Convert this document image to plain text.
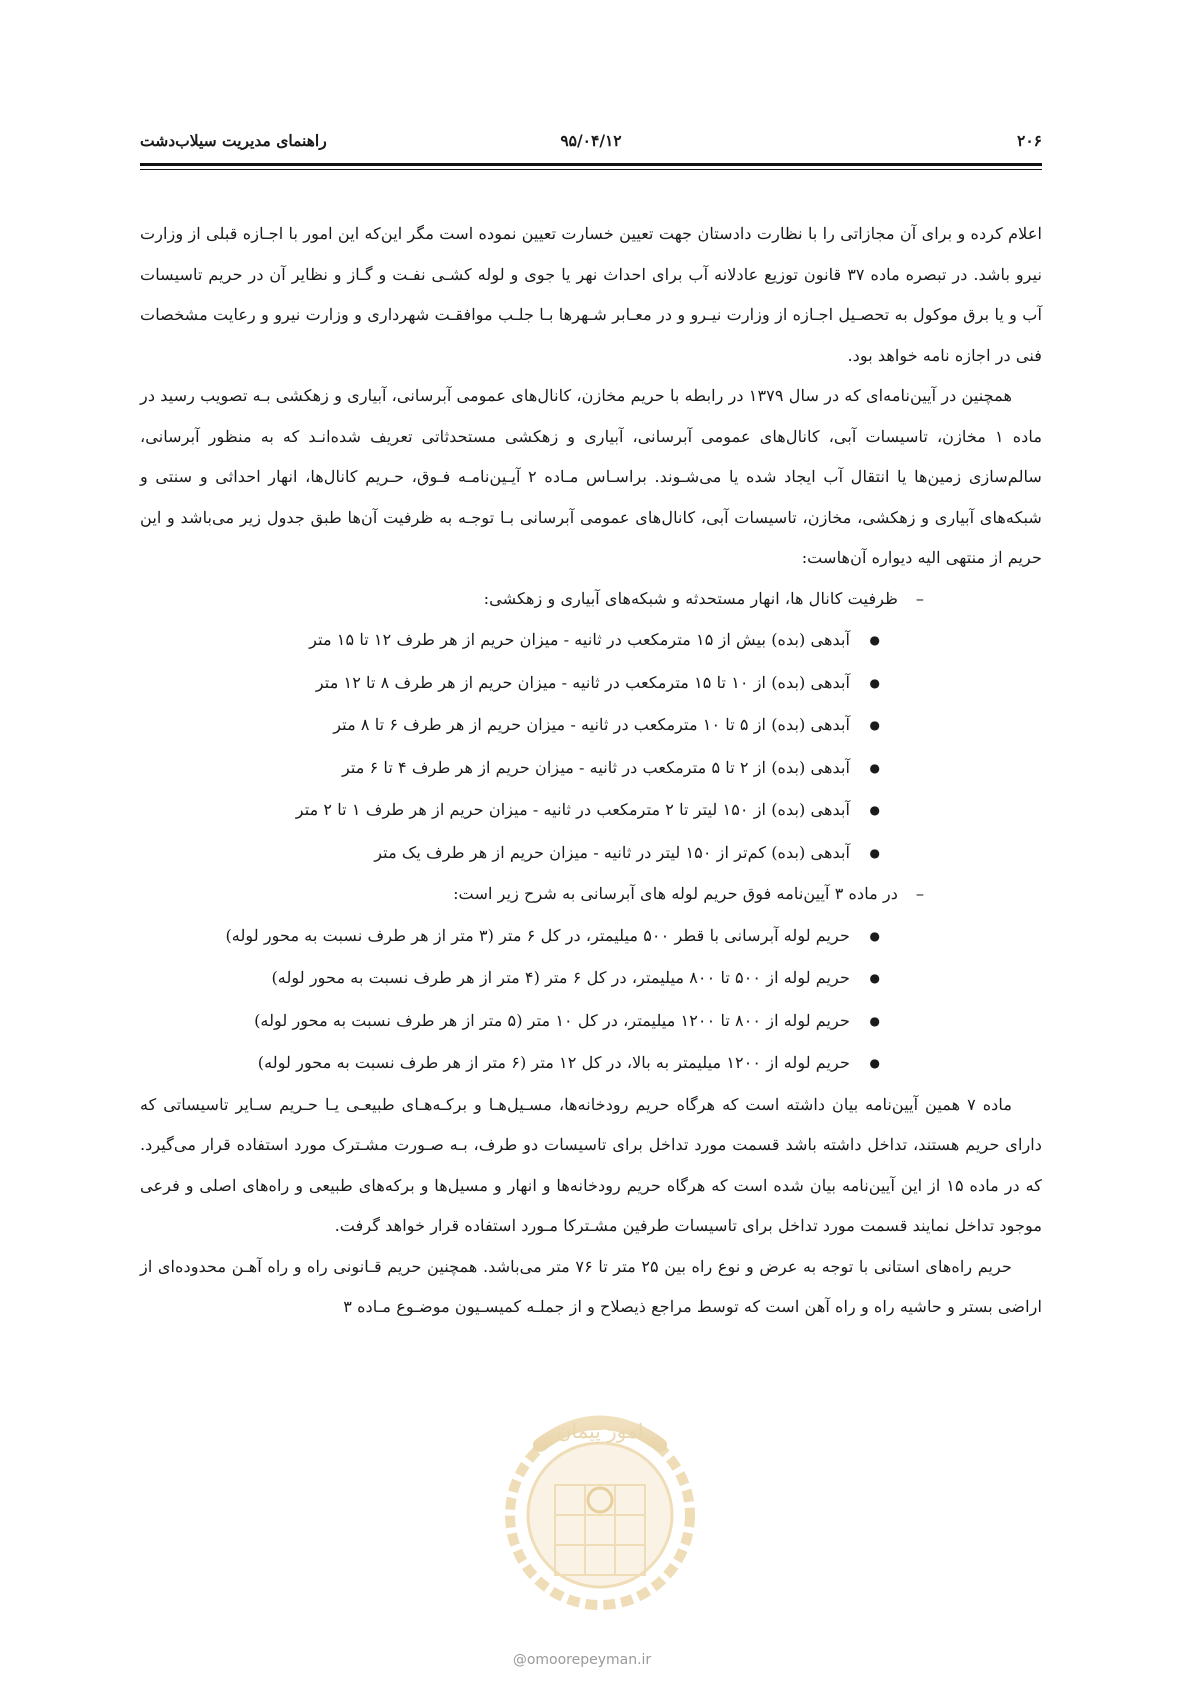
۲۰۶
۹۵/۰۴/۱۲
راهنمای مدیریت سیلاب‌دشت

اعلام کرده و برای آن مجازاتی را با نظارت دادستان جهت تعیین خسارت تعیین نموده است مگر این‌که این امور با اجـازه قبلی از وزارت نیرو باشد. در تبصره ماده ۳۷ قانون توزیع عادلانه آب برای احداث نهر یا جوی و لوله کشـی نفـت و گـاز و نظایر آن در حریم تاسیسات آب و یا برق موکول به تحصـیل اجـازه از وزارت نیـرو و در معـابر شـهرها بـا جلـب موافقـت شهرداری و وزارت نیرو و رعایت مشخصات فنی در اجازه نامه خواهد بود.

همچنین در آیین‌نامه‌ای که در سال ۱۳۷۹ در رابطه با حریم مخازن، کانال‌های عمومی آبرسانی، آبیاری و زهکشی بـه تصویب رسید در ماده ۱ مخازن، تاسیسات آبی، کانال‌های عمومی آبرسانی، آبیاری و زهکشی مستحدثاتی تعریف شده‌انـد که به منظور آبرسانی، سالم‌سازی زمین‌ها یا انتقال آب ایجاد شده یا می‌شـوند. براسـاس مـاده ۲ آیـین‌نامـه فـوق، حـریم کانال‌ها، انهار احداثی و سنتی و شبکه‌های آبیاری و زهکشی، مخازن، تاسیسات آبی، کانال‌های عمومی آبرسانی بـا توجـه به ظرفیت آن‌ها طبق جدول زیر می‌باشد و این حریم از منتهی الیه دیواره آن‌هاست:

–
ظرفیت کانال ها، انهار مستحدثه و شبکه‌های آبیاری و زهکشی:
●
آبدهی (بده) بیش از ۱۵ مترمکعب در ثانیه - میزان حریم از هر طرف ۱۲ تا ۱۵ متر
●
آبدهی (بده) از ۱۰ تا ۱۵ مترمکعب در ثانیه - میزان حریم از هر طرف ۸ تا ۱۲ متر
●
آبدهی (بده) از ۵ تا ۱۰ مترمکعب در ثانیه - میزان حریم از هر طرف ۶ تا ۸ متر
●
آبدهی (بده) از ۲ تا ۵ مترمکعب در ثانیه - میزان حریم از هر طرف ۴ تا ۶ متر
●
آبدهی (بده) از ۱۵۰ لیتر تا ۲ مترمکعب در ثانیه - میزان حریم از هر طرف ۱ تا ۲ متر
●
آبدهی (بده) کم‌تر از ۱۵۰ لیتر در ثانیه - میزان حریم از هر طرف یک متر
–
در ماده ۳ آیین‌نامه فوق حریم لوله های آبرسانی به شرح زیر است:
●
حریم لوله آبرسانی با قطر ۵۰۰ میلیمتر، در کل ۶ متر (۳ متر از هر طرف نسبت به محور لوله)
●
حریم لوله از ۵۰۰ تا ۸۰۰ میلیمتر، در کل ۶ متر (۴ متر از هر طرف نسبت به محور لوله)
●
حریم لوله از ۸۰۰ تا ۱۲۰۰ میلیمتر، در کل ۱۰ متر (۵ متر از هر طرف نسبت به محور لوله)
●
حریم لوله از ۱۲۰۰ میلیمتر به بالا، در کل ۱۲ متر (۶ متر از هر طرف نسبت به محور لوله)

ماده ۷ همین آیین‌نامه بیان داشته است که هرگاه حریم رودخانه‌ها، مسـیل‌هـا و برکـه‌هـای طبیعـی یـا حـریم سـایر تاسیساتی که دارای حریم هستند، تداخل داشته باشد قسمت مورد تداخل برای تاسیسات دو طرف، بـه صـورت مشـترک مورد استفاده قرار می‌گیرد. که در ماده ۱۵ از این آیین‌نامه بیان شده است که هرگاه حریم رودخانه‌ها و انهار و مسیل‌ها و برکه‌های طبیعی و راه‌های اصلی و فرعی موجود تداخل نمایند قسمت مورد تداخل برای تاسیسات طرفین مشـترکا مـورد استفاده قرار خواهد گرفت.

حریم راه‌های استانی با توجه به عرض و نوع راه بین ۲۵ متر تا ۷۶ متر می‌باشد. همچنین حریم قـانونی راه و راه آهـن محدوده‌ای از اراضی بستر و حاشیه راه و راه آهن است که توسط مراجع ذیصلاح و از جملـه کمیسـیون موضـوع مـاده ۳

امور پیمان
@omoorepeyman.ir
